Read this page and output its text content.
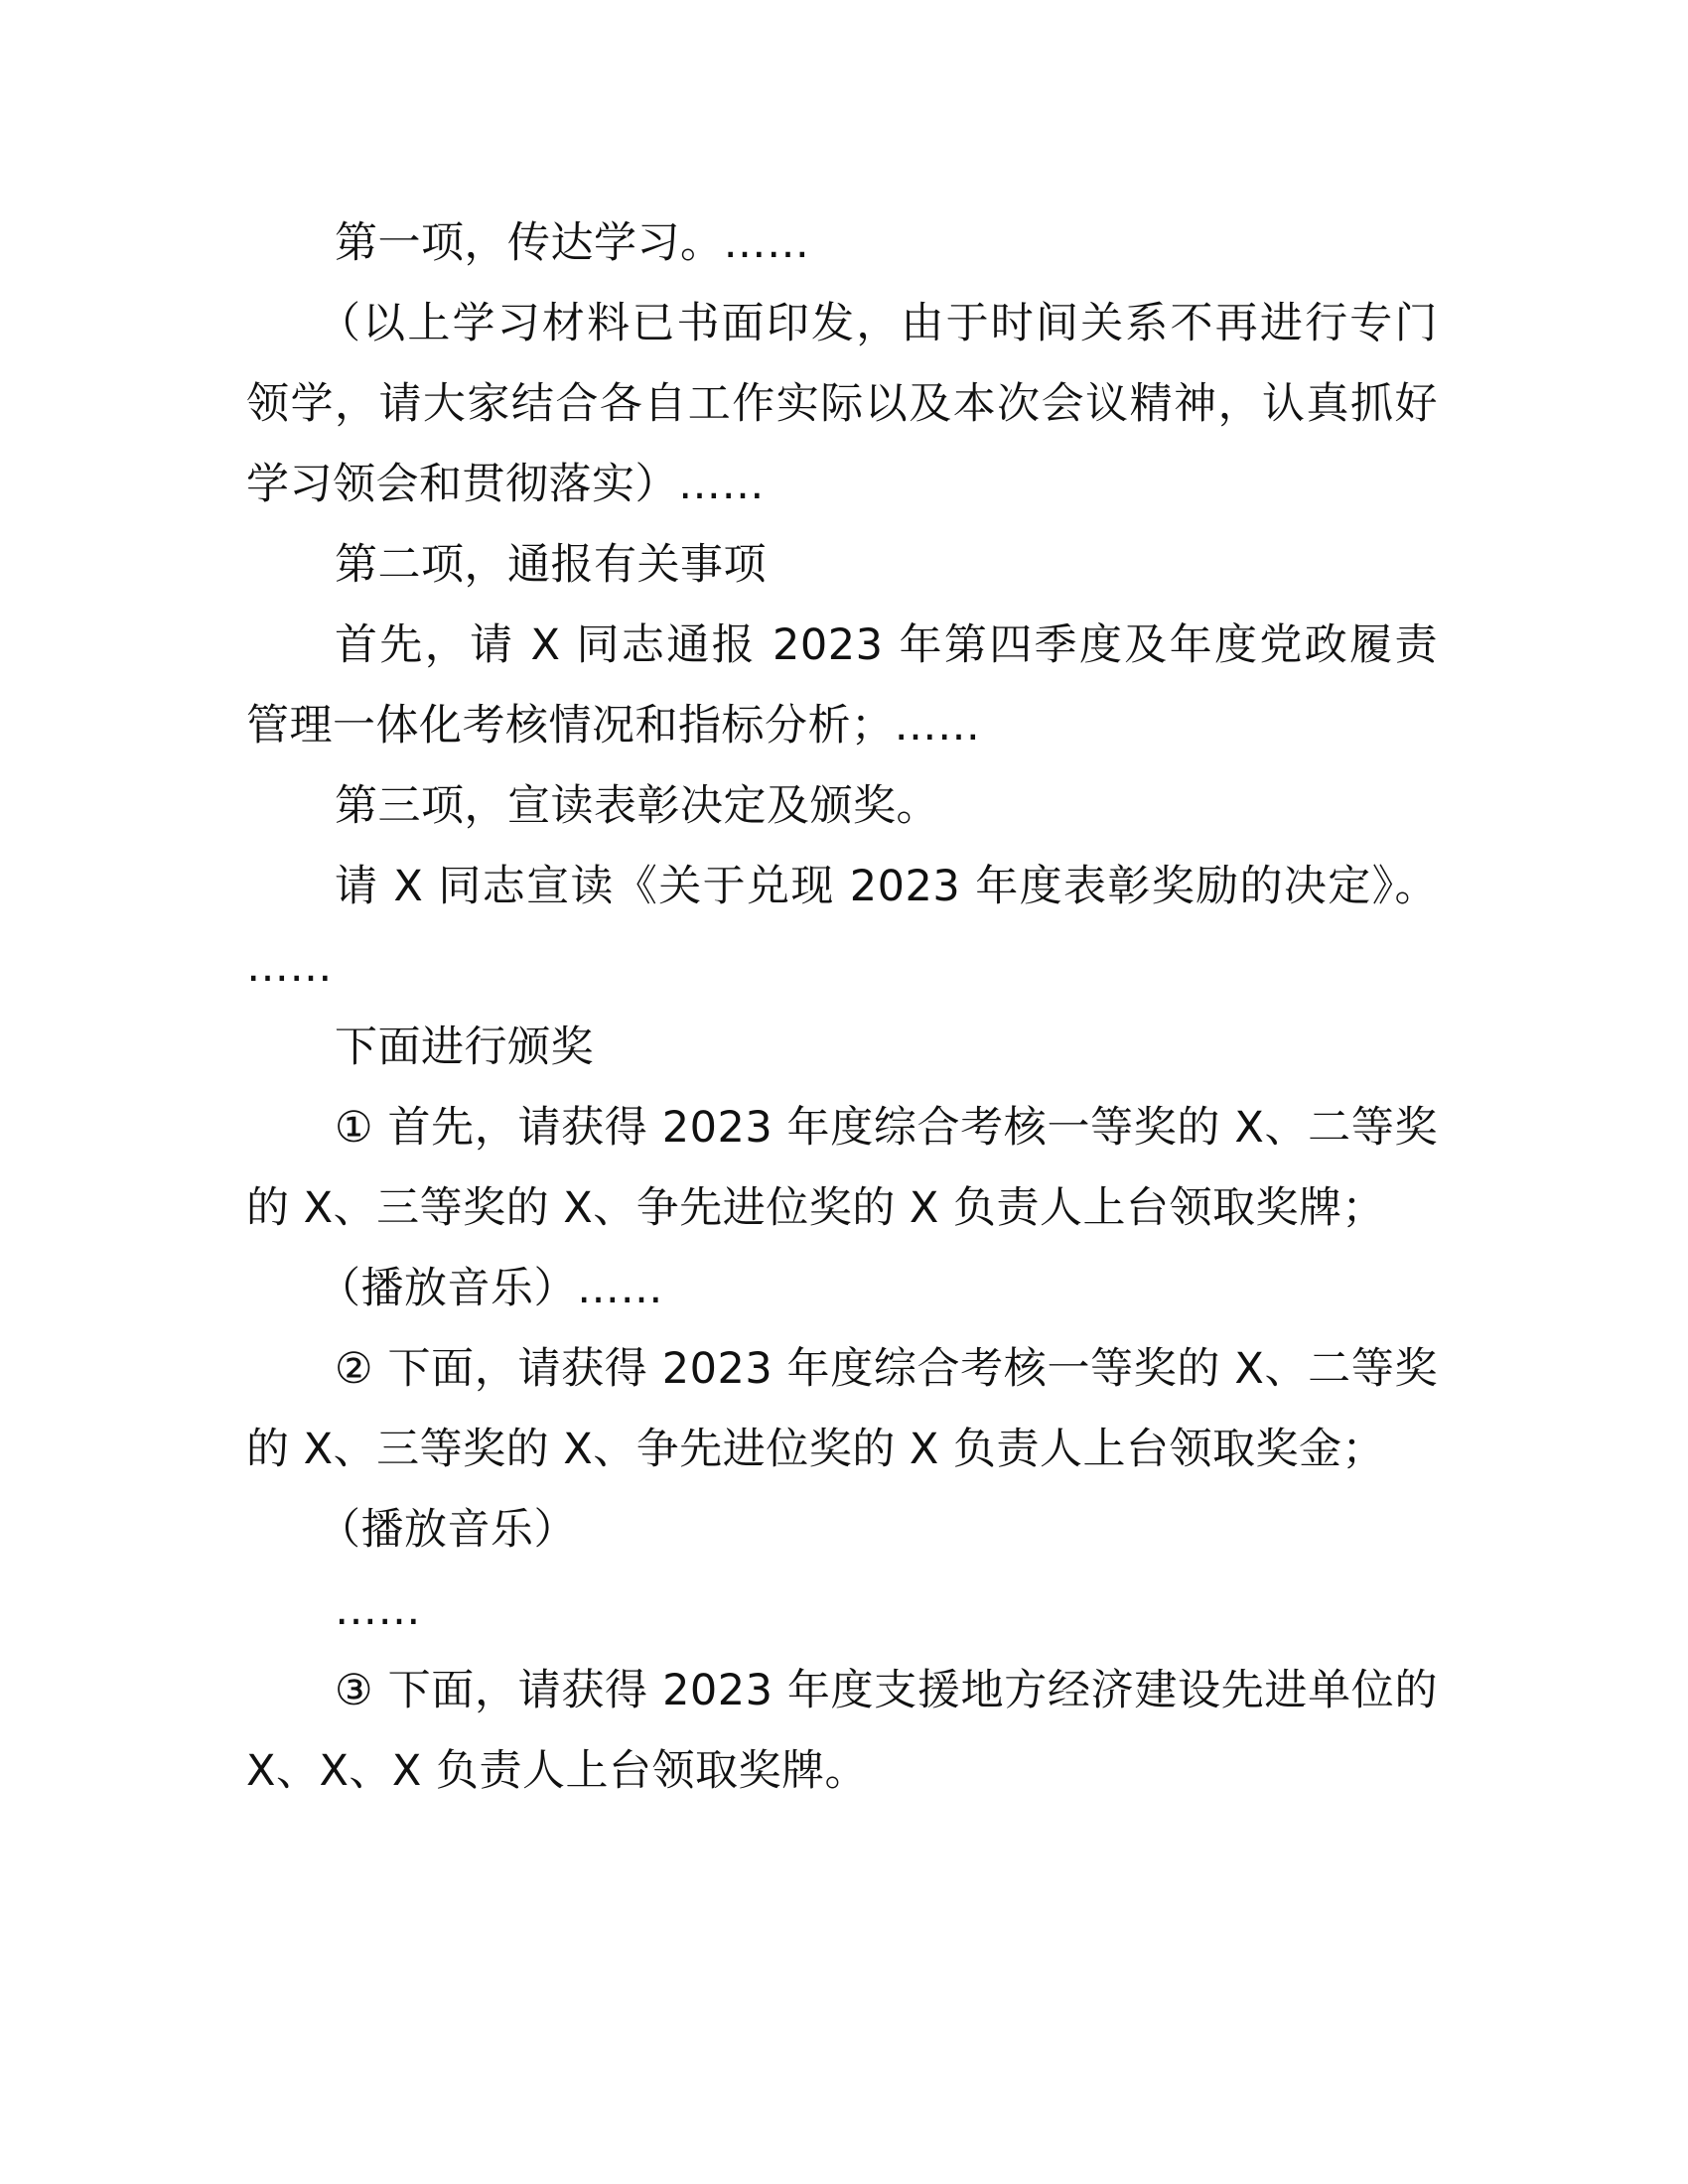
第一项，传达学习。……

（以上学习材料已书面印发，由于时间关系不再进行专门领学，请大家结合各自工作实际以及本次会议精神，认真抓好学习领会和贯彻落实）……

第二项，通报有关事项

首先，请 X 同志通报 2023 年第四季度及年度党政履责管理一体化考核情况和指标分析；……

第三项，宣读表彰决定及颁奖。

请 X 同志宣读《关于兑现 2023 年度表彰奖励的决定》。……

下面进行颁奖

① 首先，请获得 2023 年度综合考核一等奖的 X、二等奖的 X、三等奖的 X、争先进位奖的 X 负责人上台领取奖牌；

（播放音乐）……

② 下面，请获得 2023 年度综合考核一等奖的 X、二等奖的 X、三等奖的 X、争先进位奖的 X 负责人上台领取奖金；

（播放音乐）

……

③ 下面，请获得 2023 年度支援地方经济建设先进单位的 X、X、X 负责人上台领取奖牌。
